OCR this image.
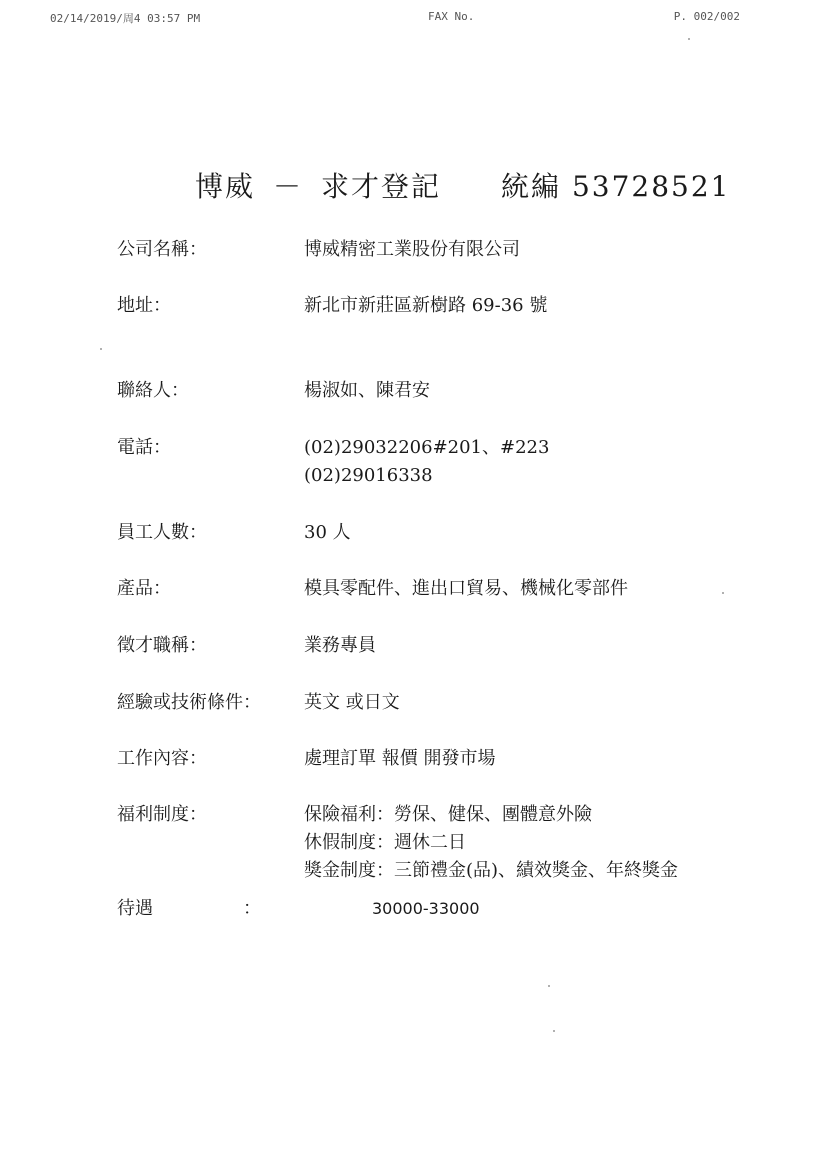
02/14/2019/周4 03:57 PM	FAX No.	P. 002/002
博威 － 求才登記 統編 53728521
公司名稱：	博威精密工業股份有限公司
地址：	新北市新莊區新樹路 69-36 號
聯絡人：	楊淑如、陳君安
電話：	(02)29032206#201、#223
(02)29016338
員工人數：	30 人
產品：	模具零配件、進出口貿易、機械化零部件
徵才職稱：	業務專員
經驗或技術條件： 英文 或日文
工作內容：	處理訂單 報價 開發市場
福利制度：	保險福利：勞保、健保、團體意外險
休假制度：週休二日
獎金制度：三節禮金(品)、績效獎金、年終獎金
待遇	：	30000-33000
